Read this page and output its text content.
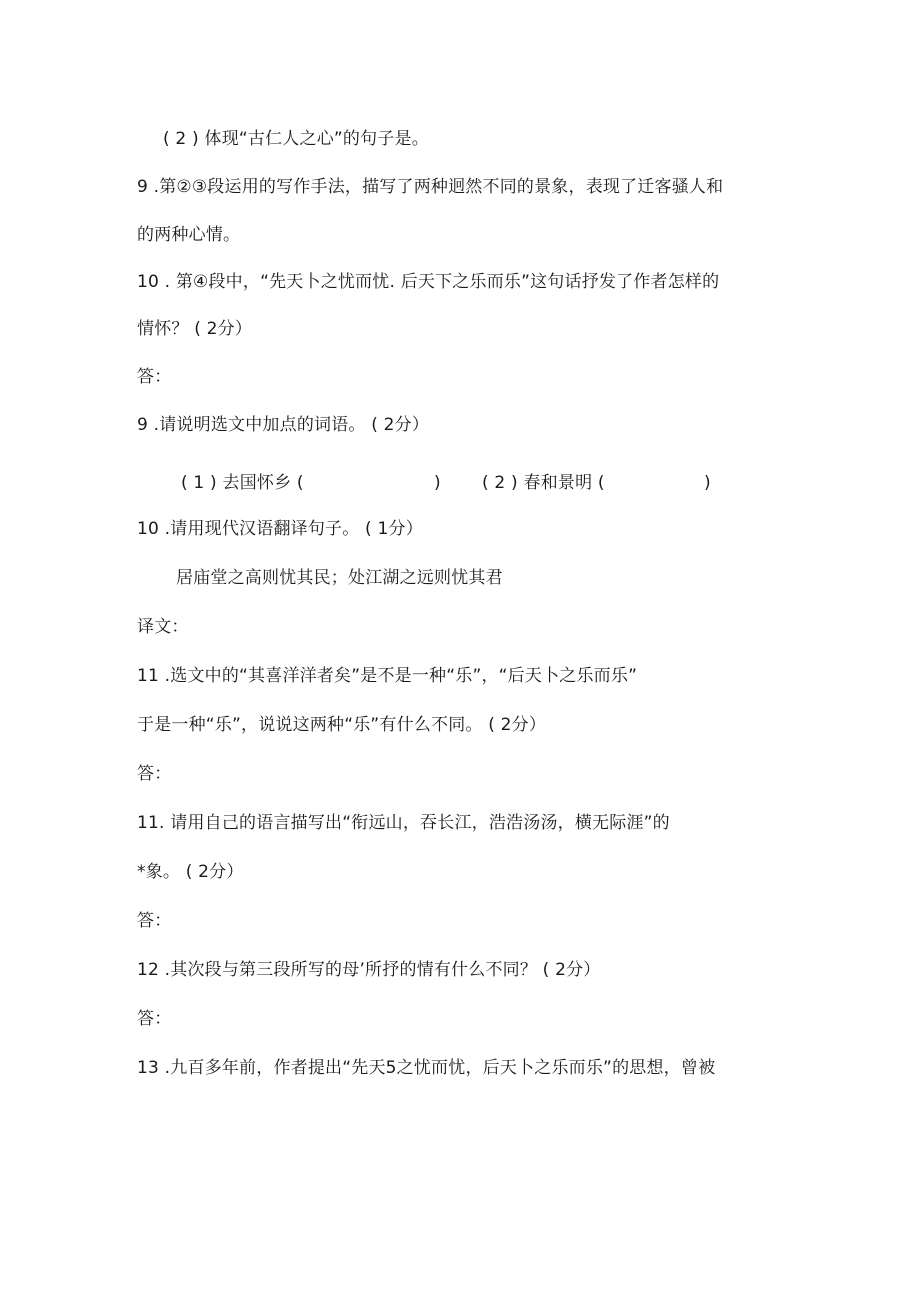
( 2 ) 体现“古仁人之心”的句子是。
9 .第②③段运用的写作手法，描写了两种迥然不同的景象，表现了迁客骚人和
的两种心情。
10 . 第④段中，“先天卜之忧而忧. 后天下之乐而乐”这句话抒发了作者怎样的
情怀？ ( 2分）
答：
9 .请说明选文中加点的词语。 ( 2分）
( 1 ) 去国怀乡 (	) ( 2 ) 春和景明 (	)
10 .请用现代汉语翻译句子。 ( 1分）
居庙堂之高则忧其民；处江湖之远则忧其君
译文：
11 .选文中的“其喜洋洋者矣”是不是一种“乐”，“后天卜之乐而乐”
于是一种“乐”，说说这两种“乐”有什么不同。 ( 2分）
答：
11. 请用自己的语言描写出“衔远山，吞长江，浩浩汤汤，横无际涯”的
*象。 ( 2分）
答：
12 .其次段与第三段所写的母’所抒的情有什么不同？ ( 2分）
答：
13 .九百多年前，作者提出“先天5之忧而忧，后天卜之乐而乐”的思想，曾被
